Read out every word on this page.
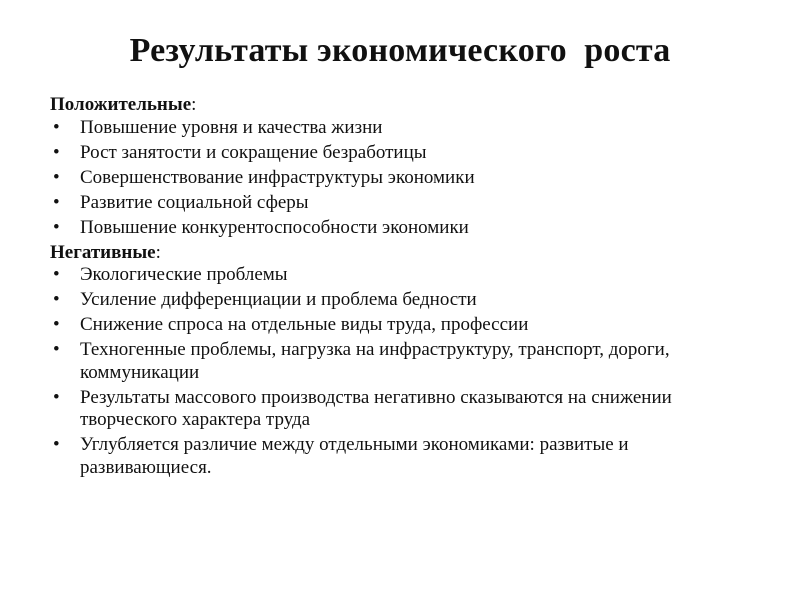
Результаты экономического  роста
Положительные:
• Повышение уровня и качества жизни
• Рост занятости и сокращение безработицы
• Совершенствование инфраструктуры экономики
• Развитие социальной сферы
• Повышение конкурентоспособности экономики
Негативные:
• Экологические проблемы
• Усиление дифференциации и проблема бедности
• Снижение спроса на отдельные виды труда, профессии
• Техногенные проблемы, нагрузка на инфраструктуру, транспорт, дороги, коммуникации
• Результаты массового производства негативно сказываются на снижении творческого характера труда
• Углубляется различие между отдельными экономиками: развитые и развивающиеся.
